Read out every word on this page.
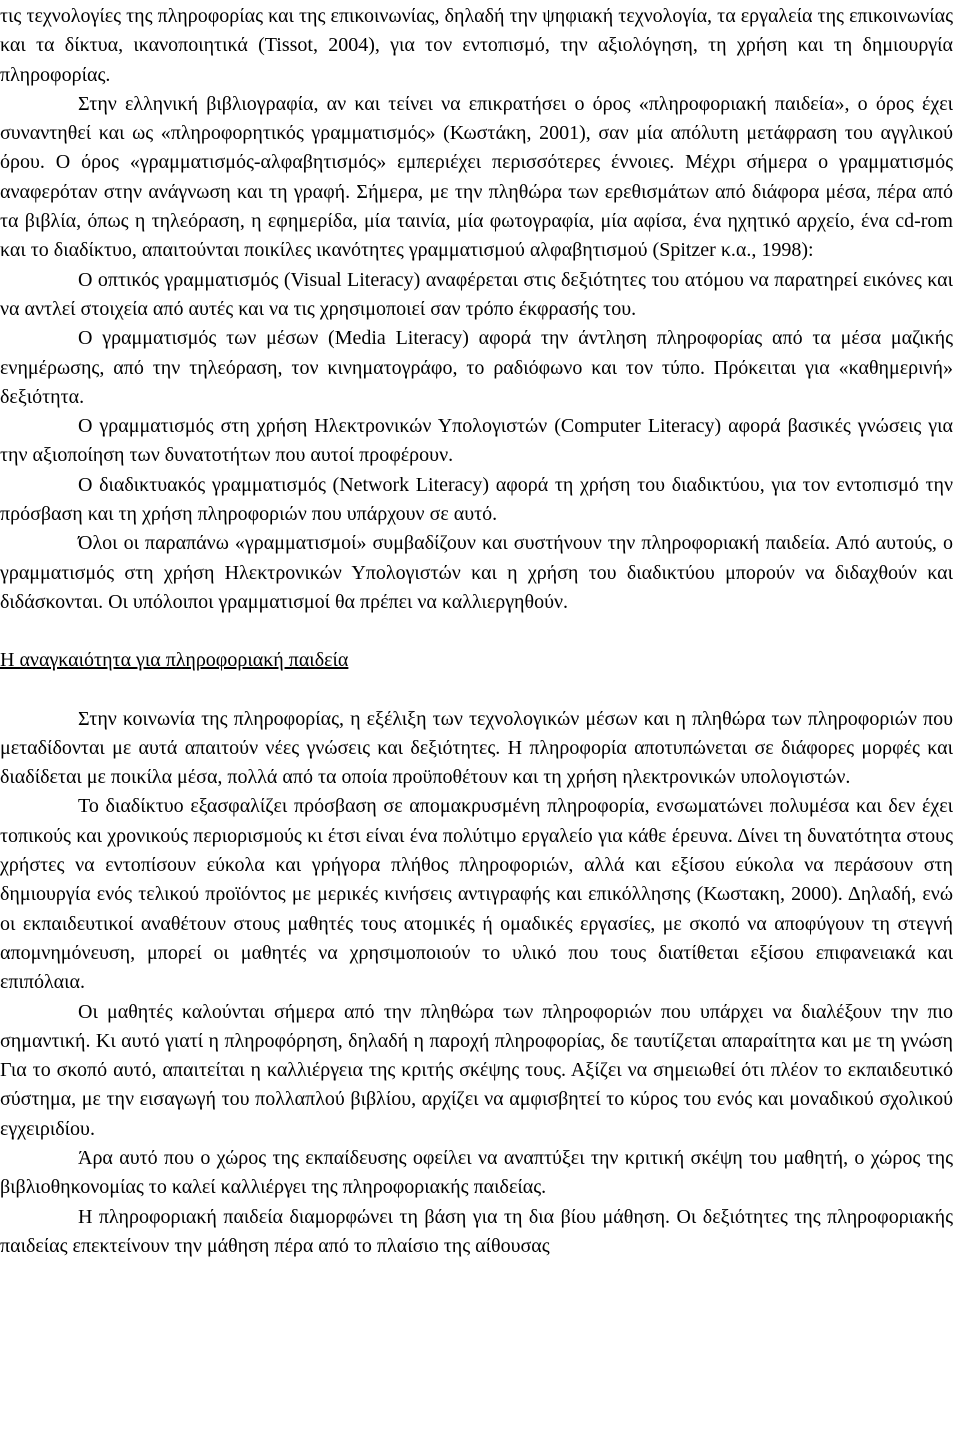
τις τεχνολογίες της πληροφορίας και της επικοινωνίας, δηλαδή την ψηφιακή τεχνολογία, τα εργαλεία της επικοινωνίας και τα δίκτυα, ικανοποιητικά (Tissot, 2004), για τον εντοπισμό, την αξιολόγηση, τη χρήση και τη δημιουργία πληροφορίας.

Στην ελληνική βιβλιογραφία, αν και τείνει να επικρατήσει ο όρος «πληροφοριακή παιδεία», ο όρος έχει συναντηθεί και ως «πληροφορητικός γραμματισμός» (Κωστάκη, 2001), σαν μία απόλυτη μετάφραση του αγγλικού όρου. Ο όρος «γραμματισμός-αλφαβητισμός» εμπεριέχει περισσότερες έννοιες. Μέχρι σήμερα ο γραμματισμός αναφερόταν στην ανάγνωση και τη γραφή. Σήμερα, με την πληθώρα των ερεθισμάτων από διάφορα μέσα, πέρα από τα βιβλία, όπως η τηλεόραση, η εφημερίδα, μία ταινία, μία φωτογραφία, μία αφίσα, ένα ηχητικό αρχείο, ένα cd-rom και το διαδίκτυο, απαιτούνται ποικίλες ικανότητες γραμματισμού αλφαβητισμού (Spitzer κ.α., 1998):

Ο οπτικός γραμματισμός (Visual Literacy) αναφέρεται στις δεξιότητες του ατόμου να παρατηρεί εικόνες και να αντλεί στοιχεία από αυτές και να τις χρησιμοποιεί σαν τρόπο έκφρασής του.

Ο γραμματισμός των μέσων (Media Literacy) αφορά την άντληση πληροφορίας από τα μέσα μαζικής ενημέρωσης, από την τηλεόραση, τον κινηματογράφο, το ραδιόφωνο και τον τύπο. Πρόκειται για «καθημερινή» δεξιότητα.

Ο γραμματισμός στη χρήση Ηλεκτρονικών Υπολογιστών (Computer Literacy) αφορά βασικές γνώσεις για την αξιοποίηση των δυνατοτήτων που αυτοί προφέρουν.

Ο διαδικτυακός γραμματισμός (Network Literacy) αφορά τη χρήση του διαδικτύου, για τον εντοπισμό την πρόσβαση και τη χρήση πληροφοριών που υπάρχουν σε αυτό.

Όλοι οι παραπάνω «γραμματισμοί» συμβαδίζουν και συστήνουν την πληροφοριακή παιδεία. Από αυτούς, ο γραμματισμός στη χρήση Ηλεκτρονικών Υπολογιστών και η χρήση του διαδικτύου μπορούν να διδαχθούν και διδάσκονται. Οι υπόλοιποι γραμματισμοί θα πρέπει να καλλιεργηθούν.

Η αναγκαιότητα για πληροφοριακή παιδεία

Στην κοινωνία της πληροφορίας, η εξέλιξη των τεχνολογικών μέσων και η πληθώρα των πληροφοριών που μεταδίδονται με αυτά απαιτούν νέες γνώσεις και δεξιότητες. Η πληροφορία αποτυπώνεται σε διάφορες μορφές και διαδίδεται με ποικίλα μέσα, πολλά από τα οποία προϋποθέτουν και τη χρήση ηλεκτρονικών υπολογιστών.

Το διαδίκτυο εξασφαλίζει πρόσβαση σε απομακρυσμένη πληροφορία, ενσωματώνει πολυμέσα και δεν έχει τοπικούς και χρονικούς περιορισμούς κι έτσι είναι ένα πολύτιμο εργαλείο για κάθε έρευνα. Δίνει τη δυνατότητα στους χρήστες να εντοπίσουν εύκολα και γρήγορα πλήθος πληροφοριών, αλλά και εξίσου εύκολα να περάσουν στη δημιουργία ενός τελικού προϊόντος με μερικές κινήσεις αντιγραφής και επικόλλησης (Κωστακη, 2000). Δηλαδή, ενώ οι εκπαιδευτικοί αναθέτουν στους μαθητές τους ατομικές ή ομαδικές εργασίες, με σκοπό να αποφύγουν τη στεγνή απομνημόνευση, μπορεί οι μαθητές να χρησιμοποιούν το υλικό που τους διατίθεται εξίσου επιφανειακά και επιπόλαια.

Οι μαθητές καλούνται σήμερα από την πληθώρα των πληροφοριών που υπάρχει να διαλέξουν την πιο σημαντική. Κι αυτό γιατί η πληροφόρηση, δηλαδή η παροχή πληροφορίας, δε ταυτίζεται απαραίτητα και με τη γνώση Για το σκοπό αυτό, απαιτείται η καλλιέργεια της κριτής σκέψης τους. Αξίζει να σημειωθεί ότι πλέον το εκπαιδευτικό σύστημα, με την εισαγωγή του πολλαπλού βιβλίου, αρχίζει να αμφισβητεί το κύρος του ενός και μοναδικού σχολικού εγχειριδίου.

Άρα αυτό που ο χώρος της εκπαίδευσης οφείλει να αναπτύξει την κριτική σκέψη του μαθητή, ο χώρος της βιβλιοθηκονομίας το καλεί καλλιέργει της πληροφοριακής παιδείας.

Η πληροφοριακή παιδεία διαμορφώνει τη βάση για τη δια βίου μάθηση. Οι δεξιότητες της πληροφοριακής παιδείας επεκτείνουν την μάθηση πέρα από το πλαίσιο της αίθουσας
